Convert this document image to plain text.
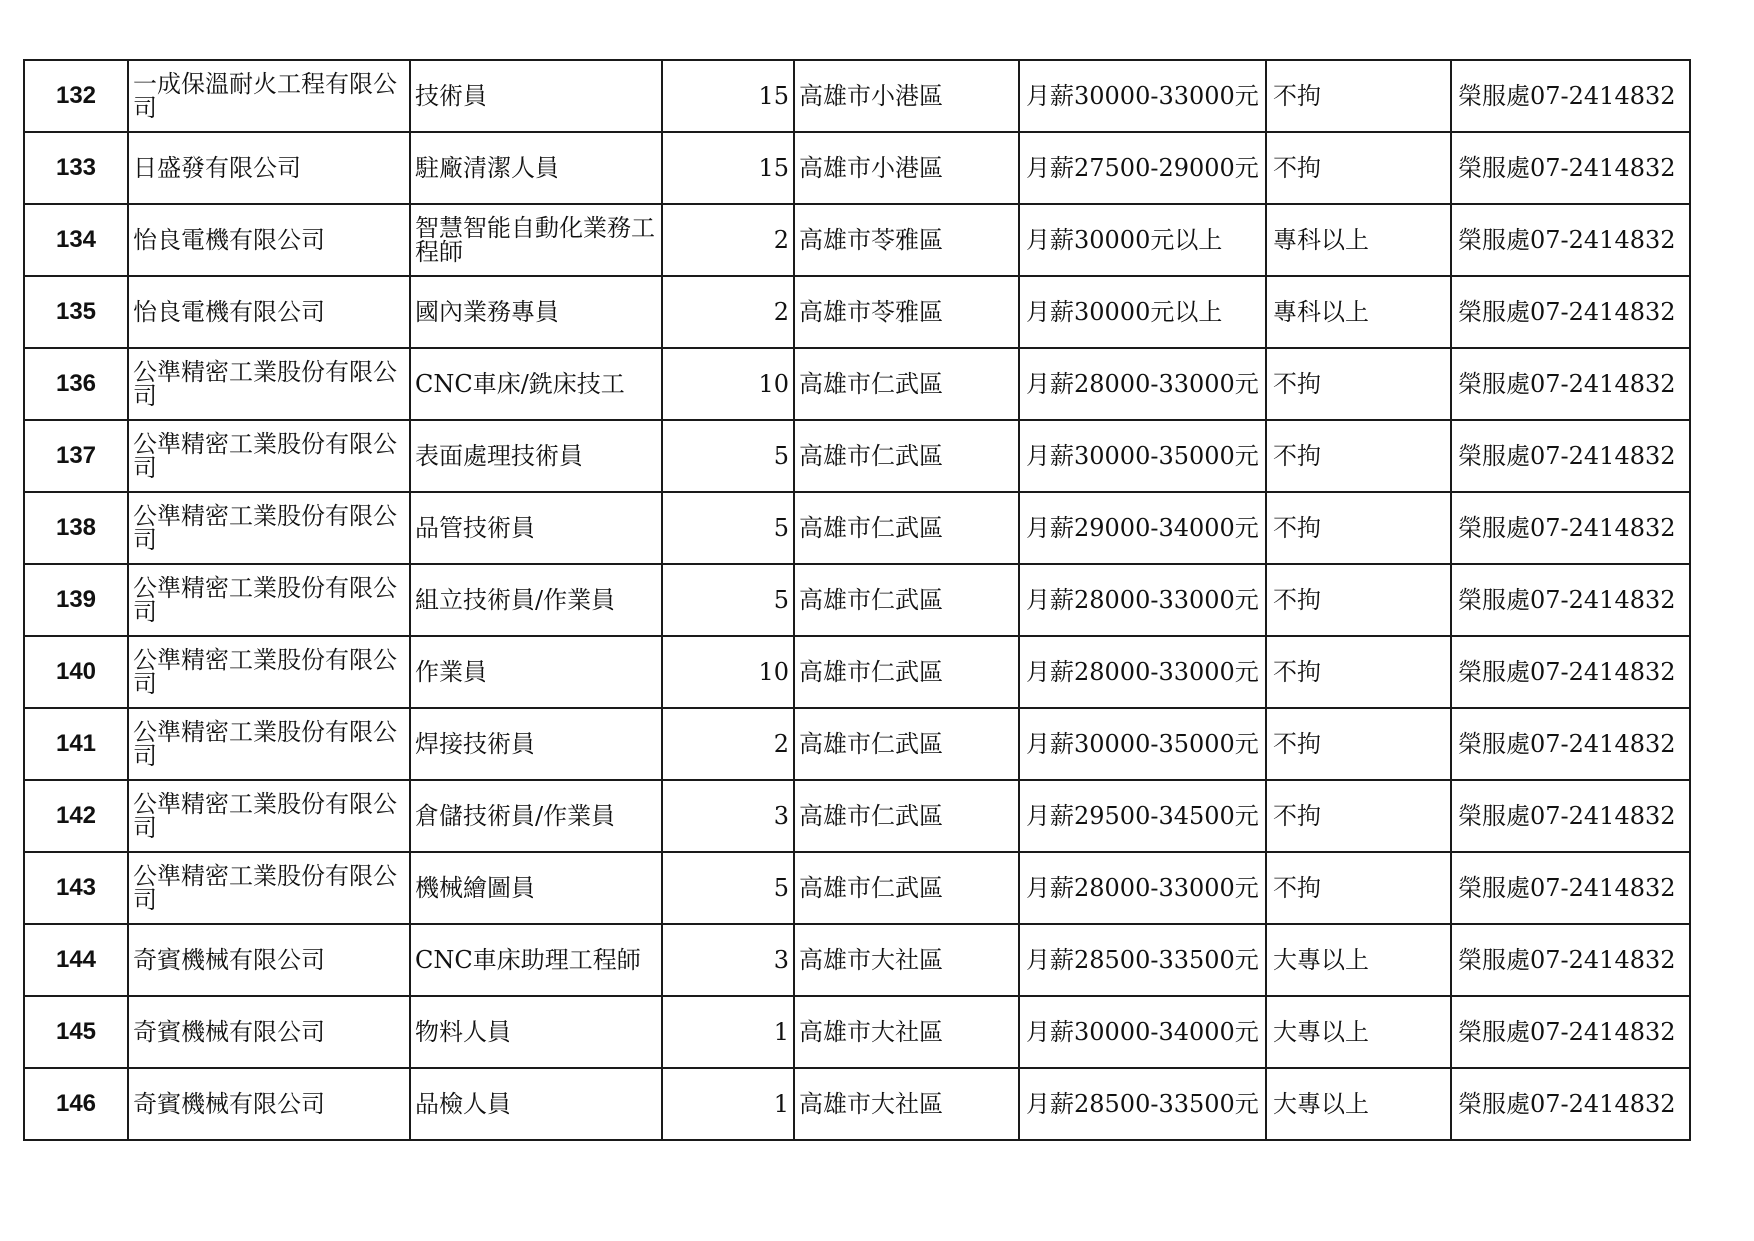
132	一成保溫耐火工程有限公司	技術員	15	高雄市小港區	月薪30000-33000元	不拘	榮服處07-2414832
133	日盛發有限公司	駐廠清潔人員	15	高雄市小港區	月薪27500-29000元	不拘	榮服處07-2414832
134	怡良電機有限公司	智慧智能自動化業務工程師	2	高雄市苓雅區	月薪30000元以上	專科以上	榮服處07-2414832
135	怡良電機有限公司	國內業務專員	2	高雄市苓雅區	月薪30000元以上	專科以上	榮服處07-2414832
136	公準精密工業股份有限公司	CNC車床/銑床技工	10	高雄市仁武區	月薪28000-33000元	不拘	榮服處07-2414832
137	公準精密工業股份有限公司	表面處理技術員	5	高雄市仁武區	月薪30000-35000元	不拘	榮服處07-2414832
138	公準精密工業股份有限公司	品管技術員	5	高雄市仁武區	月薪29000-34000元	不拘	榮服處07-2414832
139	公準精密工業股份有限公司	組立技術員/作業員	5	高雄市仁武區	月薪28000-33000元	不拘	榮服處07-2414832
140	公準精密工業股份有限公司	作業員	10	高雄市仁武區	月薪28000-33000元	不拘	榮服處07-2414832
141	公準精密工業股份有限公司	焊接技術員	2	高雄市仁武區	月薪30000-35000元	不拘	榮服處07-2414832
142	公準精密工業股份有限公司	倉儲技術員/作業員	3	高雄市仁武區	月薪29500-34500元	不拘	榮服處07-2414832
143	公準精密工業股份有限公司	機械繪圖員	5	高雄市仁武區	月薪28000-33000元	不拘	榮服處07-2414832
144	奇賓機械有限公司	CNC車床助理工程師	3	高雄市大社區	月薪28500-33500元	大專以上	榮服處07-2414832
145	奇賓機械有限公司	物料人員	1	高雄市大社區	月薪30000-34000元	大專以上	榮服處07-2414832
146	奇賓機械有限公司	品檢人員	1	高雄市大社區	月薪28500-33500元	大專以上	榮服處07-2414832
